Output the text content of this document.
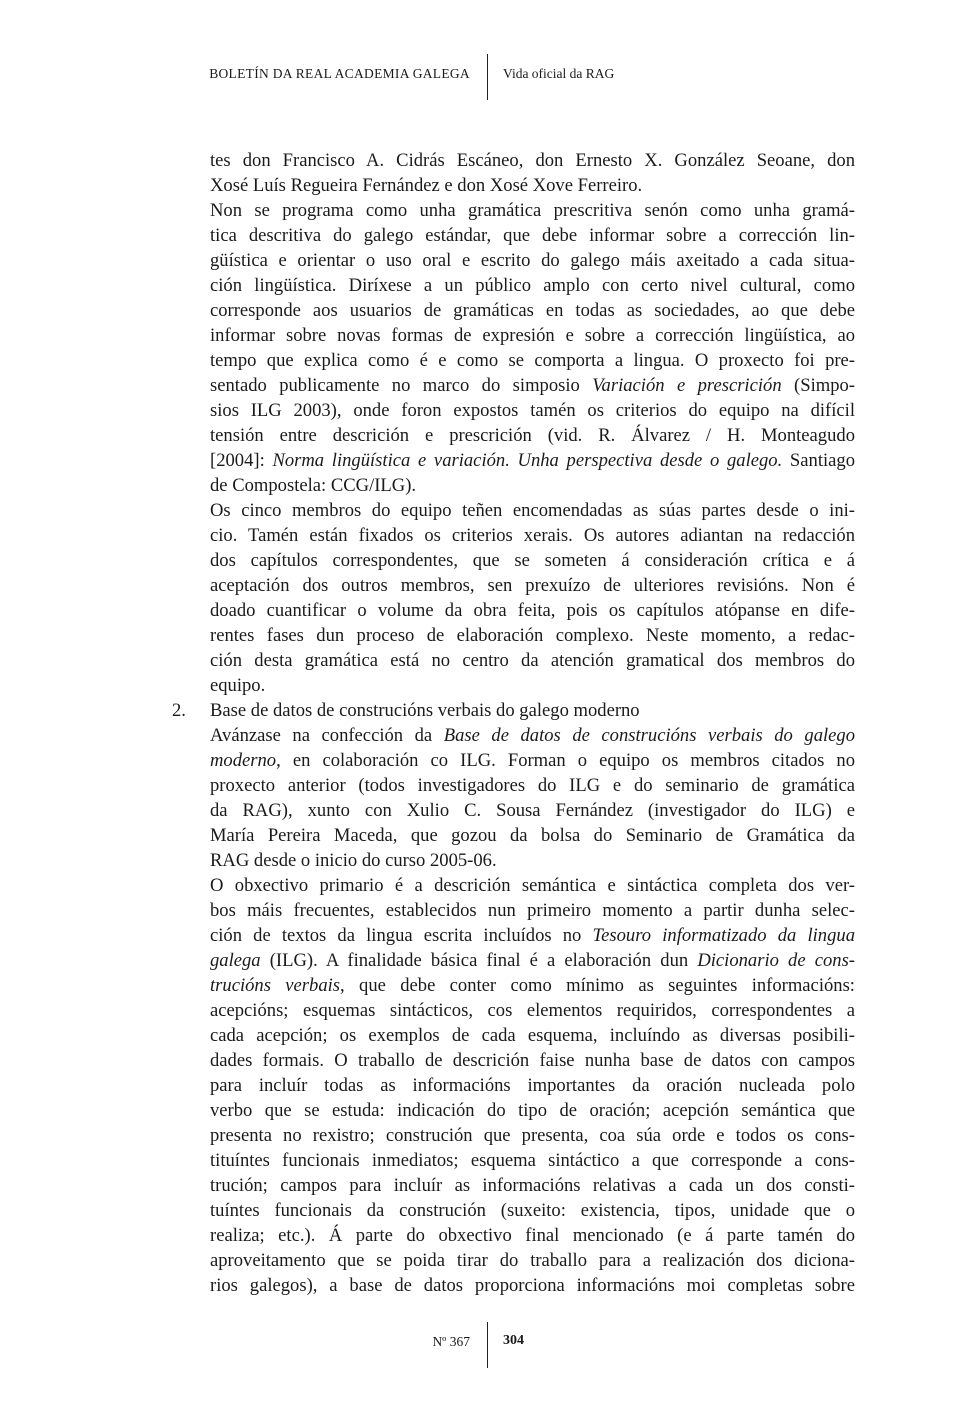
BOLETÍN DA REAL ACADEMIA GALEGA Vida oficial da RAG
tes don Francisco A. Cidrás Escáneo, don Ernesto X. González Seoane, don
Xosé Luís Regueira Fernández e don Xosé Xove Ferreiro.
Non se programa como unha gramática prescritiva senón como unha gramá-
tica descritiva do galego estándar, que debe informar sobre a corrección lin-
güística e orientar o uso oral e escrito do galego máis axeitado a cada situa-
ción lingüística. Diríxese a un público amplo con certo nivel cultural, como
corresponde aos usuarios de gramáticas en todas as sociedades, ao que debe
informar sobre novas formas de expresión e sobre a corrección lingüística, ao
tempo que explica como é e como se comporta a lingua. O proxecto foi pre-
sentado publicamente no marco do simposio Variación e prescrición (Simpo-
sios ILG 2003), onde foron expostos tamén os criterios do equipo na difícil
tensión entre descrición e prescrición (vid. R. Álvarez / H. Monteagudo
[2004]: Norma lingüística e variación. Unha perspectiva desde o galego. Santiago
de Compostela: CCG/ILG).
Os cinco membros do equipo teñen encomendadas as súas partes desde o ini-
cio. Tamén están fixados os criterios xerais. Os autores adiantan na redacción
dos capítulos correspondentes, que se someten á consideración crítica e á
aceptación dos outros membros, sen prexuízo de ulteriores revisións. Non é
doado cuantificar o volume da obra feita, pois os capítulos atópanse en dife-
rentes fases dun proceso de elaboración complexo. Neste momento, a redac-
ción desta gramática está no centro da atención gramatical dos membros do
equipo.
2. Base de datos de construcións verbais do galego moderno
Avánzase na confección da Base de datos de construcións verbais do galego
moderno, en colaboración co ILG. Forman o equipo os membros citados no
proxecto anterior (todos investigadores do ILG e do seminario de gramática
da RAG), xunto con Xulio C. Sousa Fernández (investigador do ILG) e
María Pereira Maceda, que gozou da bolsa do Seminario de Gramática da
RAG desde o inicio do curso 2005-06.
O obxectivo primario é a descrición semántica e sintáctica completa dos ver-
bos máis frecuentes, establecidos nun primeiro momento a partir dunha selec-
ción de textos da lingua escrita incluídos no Tesouro informatizado da lingua
galega (ILG). A finalidade básica final é a elaboración dun Dicionario de cons-
trucións verbais, que debe conter como mínimo as seguintes informacións:
acepcións; esquemas sintácticos, cos elementos requiridos, correspondentes a
cada acepción; os exemplos de cada esquema, incluíndo as diversas posibili-
dades formais. O traballo de descrición faise nunha base de datos con campos
para incluír todas as informacións importantes da oración nucleada polo
verbo que se estuda: indicación do tipo de oración; acepción semántica que
presenta no rexistro; construción que presenta, coa súa orde e todos os cons-
tituíntes funcionais inmediatos; esquema sintáctico a que corresponde a cons-
trución; campos para incluír as informacións relativas a cada un dos consti-
tuíntes funcionais da construción (suxeito: existencia, tipos, unidade que o
realiza; etc.). Á parte do obxectivo final mencionado (e á parte tamén do
aproveitamento que se poida tirar do traballo para a realización dos diciona-
rios galegos), a base de datos proporciona informacións moi completas sobre
Nº 367 304
